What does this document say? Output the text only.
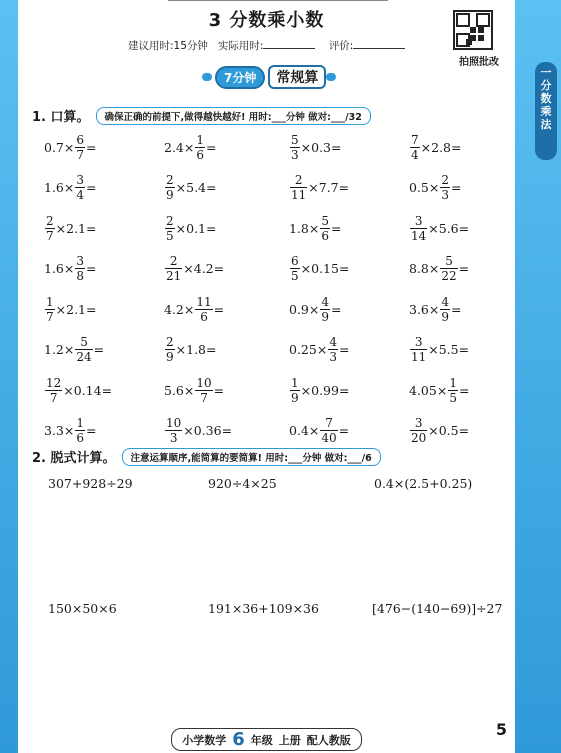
3 分数乘小数
建议用时:15分钟 实际用时:	评价:
拍照批改
7分钟	常规算
1. 口算。	确保正确的前提下,做得越快越好! 用时:___分钟 做对:___/32
$0.7 \times \frac{6}{7}$ =	$2.4 \times \frac{1}{6}$ =	$\frac{5}{3} \times 0.3$ =	$\frac{7}{4} \times 2.8$ =
$1.6 \times \frac{3}{4}$ =	$\frac{2}{9} \times 5.4$ =	$\frac{2}{11} \times 7.7$ =	$0.5 \times \frac{2}{3}$ =
$\frac{2}{7} \times 2.1$ =	$\frac{2}{5} \times 0.1$ =	$1.8 \times \frac{5}{6}$ =	$\frac{3}{14} \times 5.6$ =
$1.6 \times \frac{3}{8}$ =	$\frac{2}{21} \times 4.2$ =	$\frac{6}{5} \times 0.15$ =	$8.8 \times \frac{5}{22}$ =
$\frac{1}{7} \times 2.1$ =	$4.2 \times \frac{11}{6}$ =	$0.9 \times \frac{4}{9}$ =	$3.6 \times \frac{4}{9}$ =
$1.2 \times \frac{5}{24}$ =	$\frac{2}{9} \times 1.8$ =	$0.25 \times \frac{4}{3}$ =	$\frac{3}{11} \times 5.5$ =
$\frac{12}{7} \times 0.14$ =	$5.6 \times \frac{10}{7}$ =	$\frac{1}{9} \times 0.99$ =	$4.05 \times \frac{1}{5}$ =
$3.3 \times \frac{1}{6}$ =	$\frac{10}{3} \times 0.36$ =	$0.4 \times \frac{7}{40}$ =	$\frac{3}{20} \times 0.5$ =
2. 脱式计算。	注意运算顺序,能简算的要简算! 用时:___分钟 做对:___/6
307+928÷29	920÷4×25	0.4×(2.5+0.25)
150×50×6	191×36+109×36	[476−(140−69)]÷27
小学数学 6 年级 上册 配人教版
5
一
分
数
乘
法
